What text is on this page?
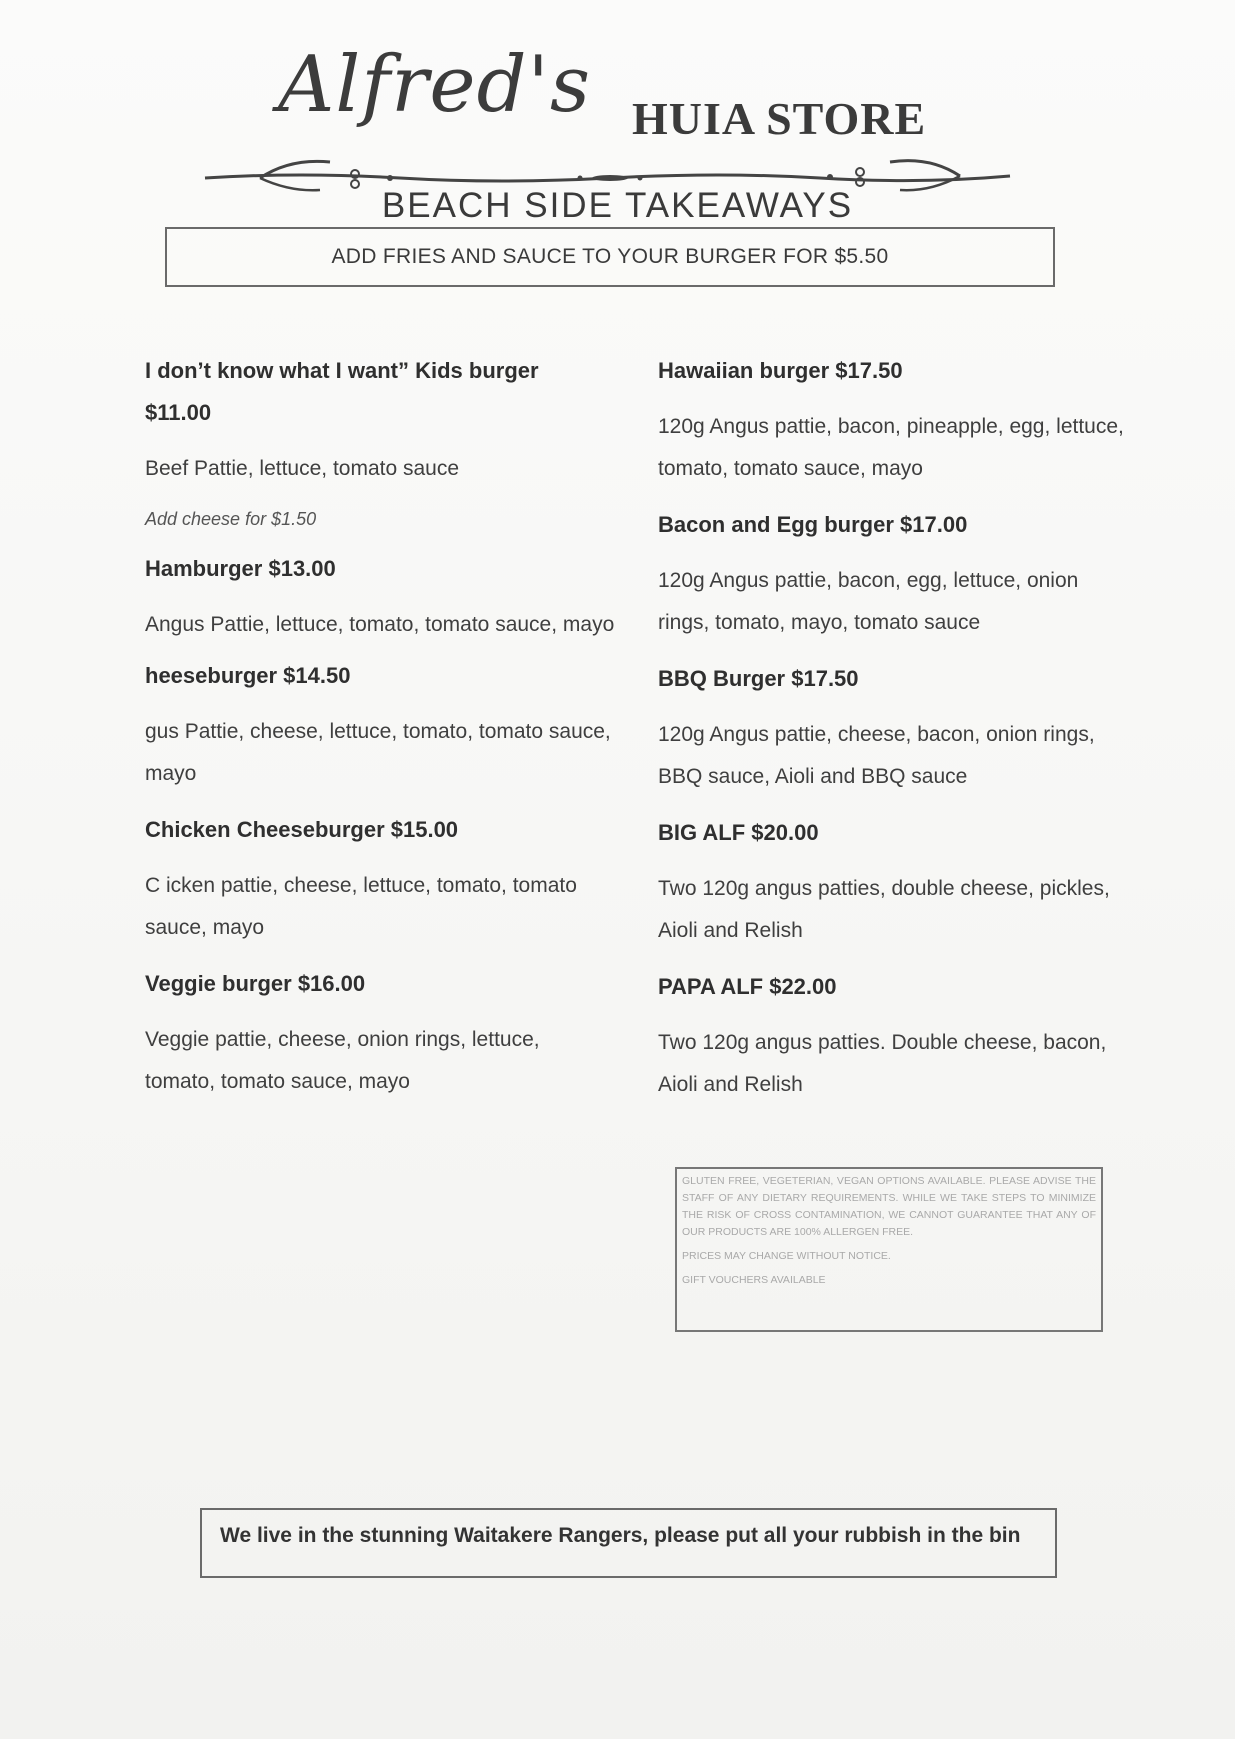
Alfred's HUIA STORE
BEACH SIDE TAKEAWAYS
ADD FRIES AND SAUCE TO YOUR BURGER FOR $5.50
I don’t know what I want” Kids burger
$11.00
Beef Pattie, lettuce, tomato sauce
Add cheese for $1.50
Hamburger $13.00
Angus Pattie, lettuce, tomato, tomato sauce, mayo
heeseburger $14.50
gus Pattie, cheese, lettuce, tomato, tomato sauce, mayo
Chicken Cheeseburger $15.00
C icken pattie, cheese, lettuce, tomato, tomato sauce, mayo
Veggie burger $16.00
Veggie pattie, cheese, onion rings, lettuce, tomato, tomato sauce, mayo
Hawaiian burger $17.50
120g Angus pattie, bacon, pineapple, egg, lettuce, tomato, tomato sauce, mayo
Bacon and Egg burger $17.00
120g Angus pattie, bacon, egg, lettuce, onion rings, tomato, mayo, tomato sauce
BBQ Burger $17.50
120g Angus pattie, cheese, bacon, onion rings, BBQ sauce, Aioli and BBQ sauce
BIG ALF $20.00
Two 120g angus patties, double cheese, pickles, Aioli and Relish
PAPA ALF $22.00
Two 120g angus patties. Double cheese, bacon, Aioli and Relish

GLUTEN FREE, VEGETERIAN, VEGAN OPTIONS AVAILABLE. PLEASE ADVISE THE STAFF OF ANY DIETARY REQUIREMENTS. WHILE WE TAKE STEPS TO MINIMIZE THE RISK OF CROSS CONTAMINATION, WE CANNOT GUARANTEE THAT ANY OF OUR PRODUCTS ARE 100% ALLERGEN FREE.

PRICES MAY CHANGE WITHOUT NOTICE.

GIFT VOUCHERS AVAILABLE

We live in the stunning Waitakere Rangers, please put all your rubbish in the bin
